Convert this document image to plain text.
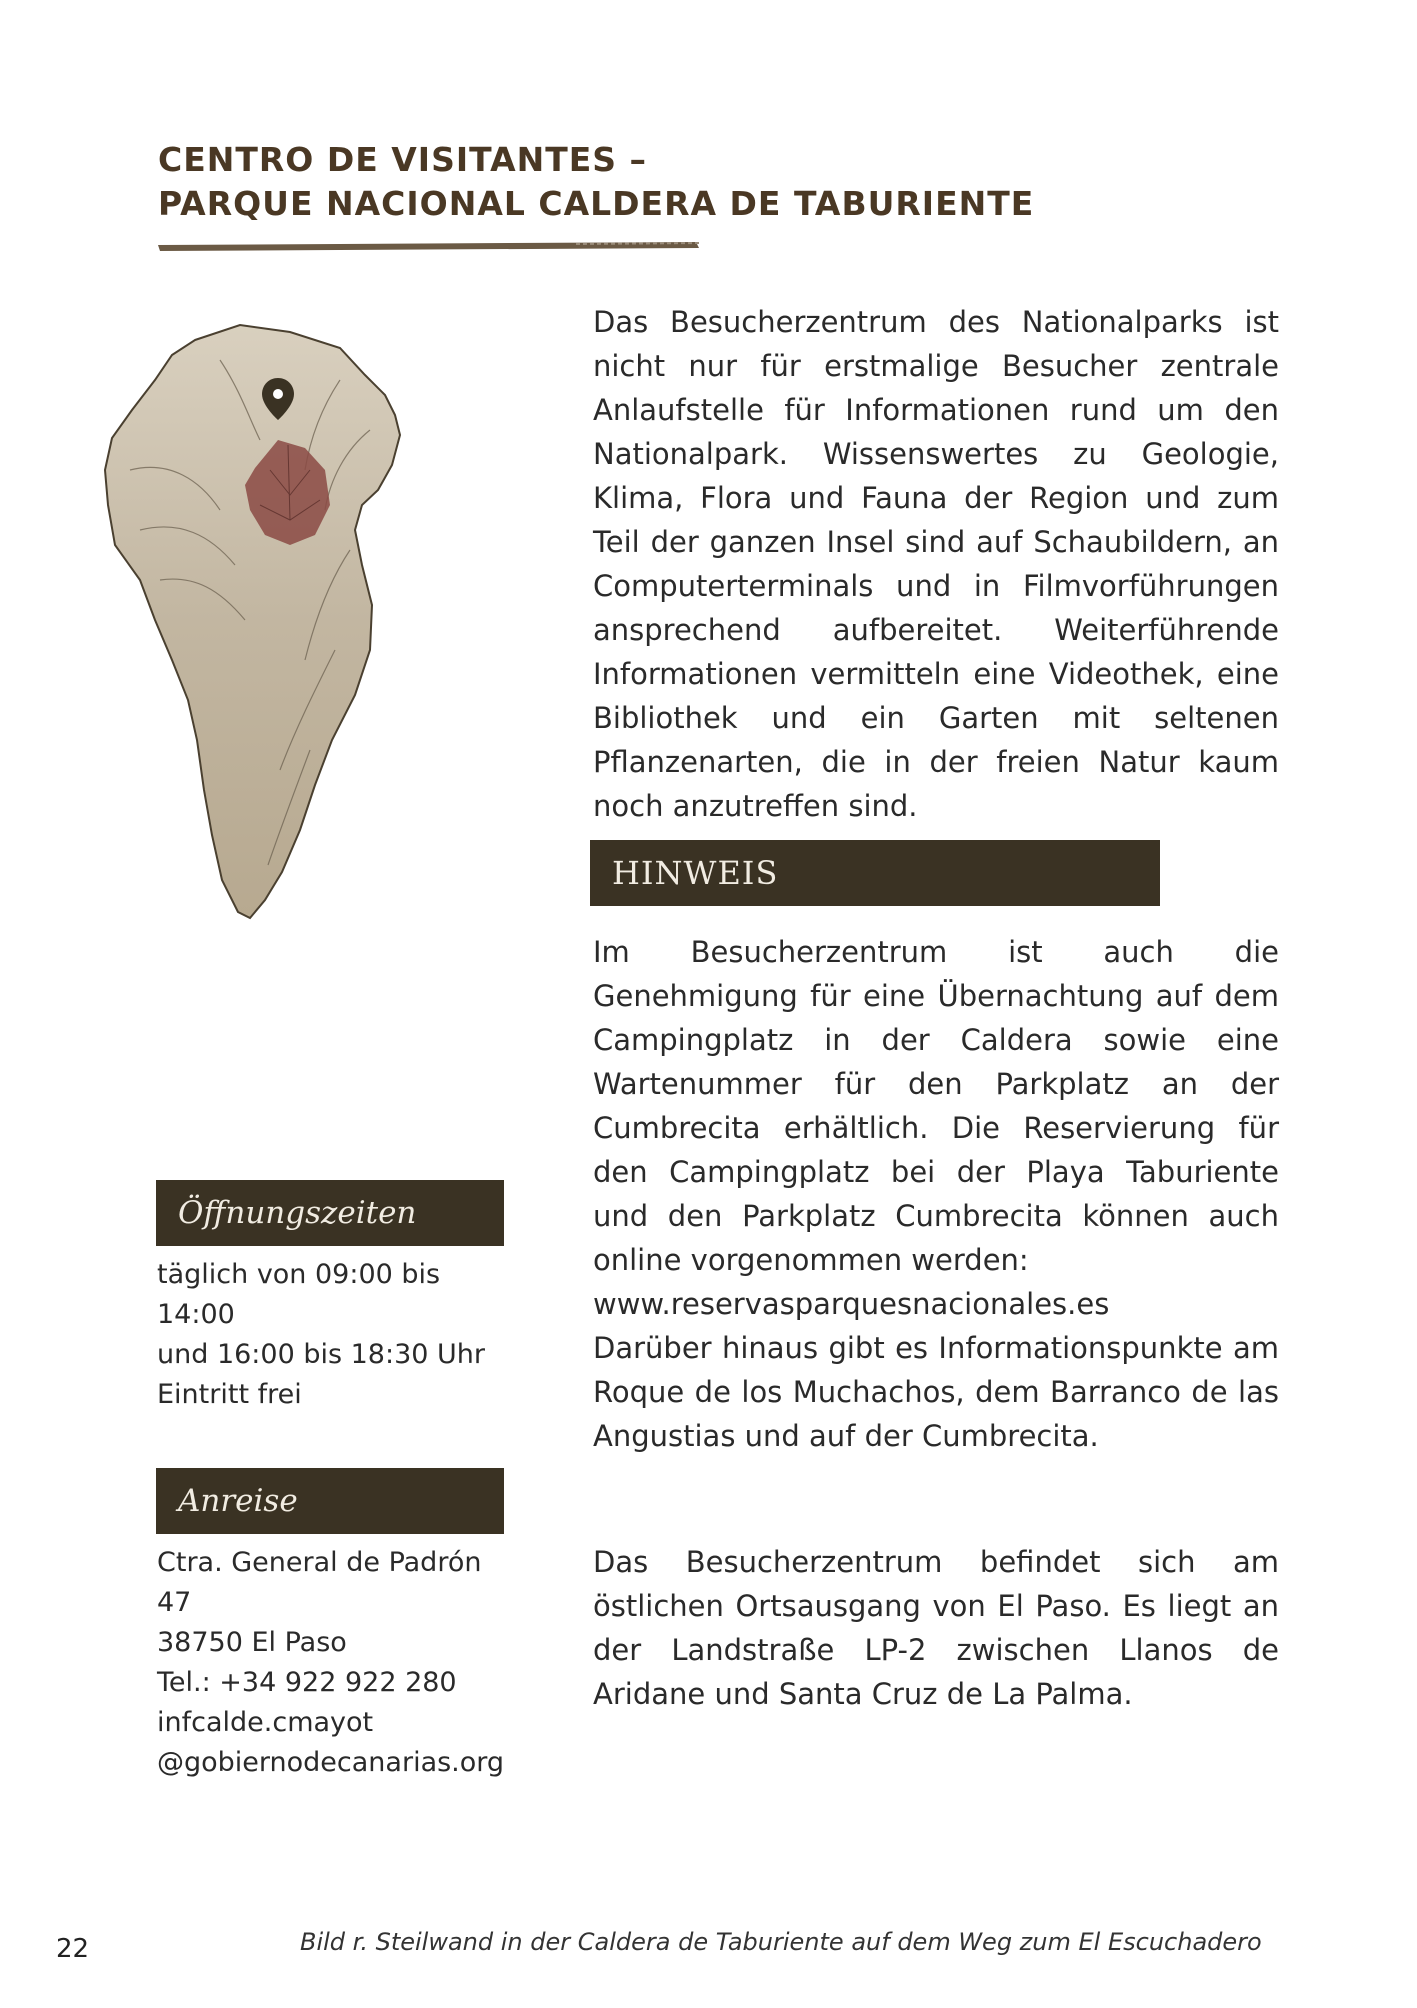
CENTRO DE VISITANTES –
PARQUE NACIONAL CALDERA DE TABURIENTE

Das Besucherzentrum des Nationalparks ist nicht nur für erstmalige Besucher zentrale Anlaufstelle für Informationen rund um den Nationalpark. Wissenswertes zu Geologie, Klima, Flora und Fauna der Region und zum Teil der ganzen Insel sind auf Schaubildern, an Computerterminals und in Filmvorführungen ansprechend aufbereitet. Weiterführende Informationen vermitteln eine Videothek, eine Bibliothek und ein Garten mit seltenen Pflanzenarten, die in der freien Natur kaum noch anzutreffen sind.

HINWEIS
Im Besucherzentrum ist auch die Genehmigung für eine Übernachtung auf dem Campingplatz in der Caldera sowie eine Wartenummer für den Parkplatz an der Cumbrecita erhältlich. Die Reservierung für den Campingplatz bei der Playa Taburiente und den Parkplatz Cumbrecita können auch online vorgenommen werden:
www.reservasparquesnacionales.es
Darüber hinaus gibt es Informationspunkte am Roque de los Muchachos, dem Barranco de las Angustias und auf der Cumbrecita.
Öffnungszeiten
täglich von 09:00 bis 14:00
und 16:00 bis 18:30 Uhr
Eintritt frei
Anreise
Ctra. General de Padrón 47
38750 El Paso
Tel.: +34 922 922 280
infcalde.cmayot
@gobiernodecanarias.org

Das Besucherzentrum befindet sich am östlichen Ortsausgang von El Paso. Es liegt an der Landstraße LP-2 zwischen Llanos de Aridane und Santa Cruz de La Palma.

22	Bild r. Steilwand in der Caldera de Taburiente auf dem Weg zum El Escuchadero
